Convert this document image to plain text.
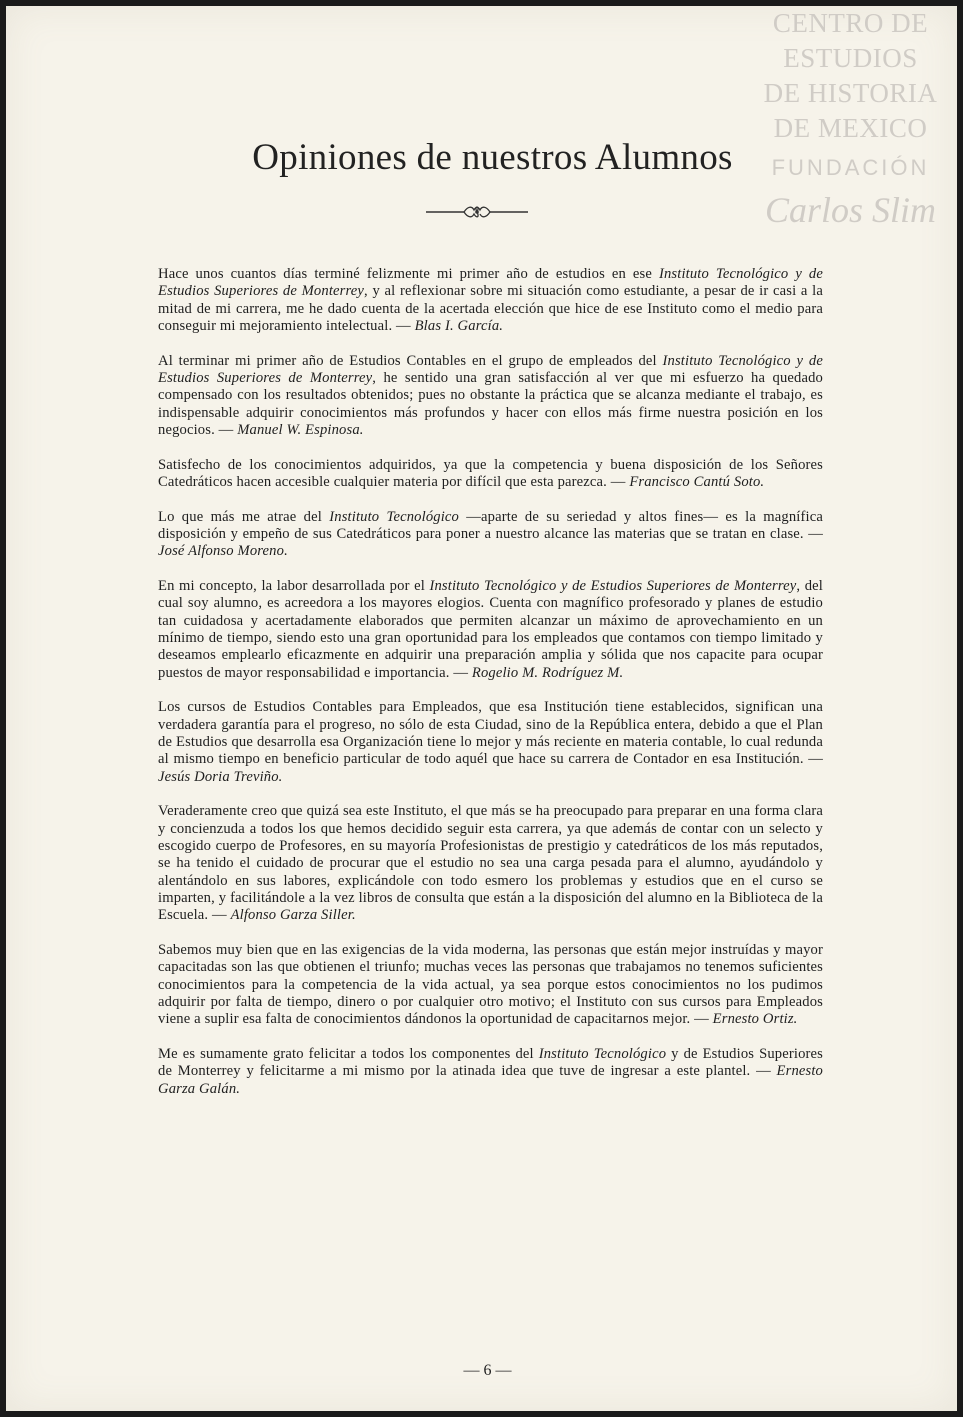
CENTRO DE
ESTUDIOS
DE HISTORIA
DE MEXICO
FUNDACIÓN
Carlos Slim
Opiniones de nuestros Alumnos

Hace unos cuantos días terminé felizmente mi primer año de estudios en ese Instituto Tecnológico y de Estudios Superiores de Monterrey, y al reflexionar sobre mi situación como estudiante, a pesar de ir casi a la mitad de mi carrera, me he dado cuenta de la acertada elección que hice de ese Instituto como el medio para conseguir mi mejoramiento intelectual. — Blas I. García.

Al terminar mi primer año de Estudios Contables en el grupo de empleados del Instituto Tecnológico y de Estudios Superiores de Monterrey, he sentido una gran satisfacción al ver que mi esfuerzo ha quedado compensado con los resultados obtenidos; pues no obstante la práctica que se alcanza mediante el trabajo, es indispensable adquirir conocimientos más profundos y hacer con ellos más firme nuestra posición en los negocios. — Manuel W. Espinosa.

Satisfecho de los conocimientos adquiridos, ya que la competencia y buena disposición de los Señores Catedráticos hacen accesible cualquier materia por difícil que esta parezca. — Francisco Cantú Soto.

Lo que más me atrae del Instituto Tecnológico —aparte de su seriedad y altos fines— es la magnífica disposición y empeño de sus Catedráticos para poner a nuestro alcance las materias que se tratan en clase. — José Alfonso Moreno.

En mi concepto, la labor desarrollada por el Instituto Tecnológico y de Estudios Superiores de Monterrey, del cual soy alumno, es acreedora a los mayores elogios. Cuenta con magnífico profesorado y planes de estudio tan cuidadosa y acertadamente elaborados que permiten alcanzar un máximo de aprovechamiento en un mínimo de tiempo, siendo esto una gran oportunidad para los empleados que contamos con tiempo limitado y deseamos emplearlo eficazmente en adquirir una preparación amplia y sólida que nos capacite para ocupar puestos de mayor responsabilidad e importancia. — Rogelio M. Rodríguez M.

Los cursos de Estudios Contables para Empleados, que esa Institución tiene establecidos, significan una verdadera garantía para el progreso, no sólo de esta Ciudad, sino de la República entera, debido a que el Plan de Estudios que desarrolla esa Organización tiene lo mejor y más reciente en materia contable, lo cual redunda al mismo tiempo en beneficio particular de todo aquél que hace su carrera de Contador en esa Institución. — Jesús Doria Treviño.

Veraderamente creo que quizá sea este Instituto, el que más se ha preocupado para preparar en una forma clara y concienzuda a todos los que hemos decidido seguir esta carrera, ya que además de contar con un selecto y escogido cuerpo de Profesores, en su mayoría Profesionistas de prestigio y catedráticos de los más reputados, se ha tenido el cuidado de procurar que el estudio no sea una carga pesada para el alumno, ayudándolo y alentándolo en sus labores, explicándole con todo esmero los problemas y estudios que en el curso se imparten, y facilitándole a la vez libros de consulta que están a la disposición del alumno en la Biblioteca de la Escuela. — Alfonso Garza Siller.

Sabemos muy bien que en las exigencias de la vida moderna, las personas que están mejor instruídas y mayor capacitadas son las que obtienen el triunfo; muchas veces las personas que trabajamos no tenemos suficientes conocimientos para la competencia de la vida actual, ya sea porque estos conocimientos no los pudimos adquirir por falta de tiempo, dinero o por cualquier otro motivo; el Instituto con sus cursos para Empleados viene a suplir esa falta de conocimientos dándonos la oportunidad de capacitarnos mejor. — Ernesto Ortiz.

Me es sumamente grato felicitar a todos los componentes del Instituto Tecnológico y de Estudios Superiores de Monterrey y felicitarme a mi mismo por la atinada idea que tuve de ingresar a este plantel. — Ernesto Garza Galán.

— 6 —
